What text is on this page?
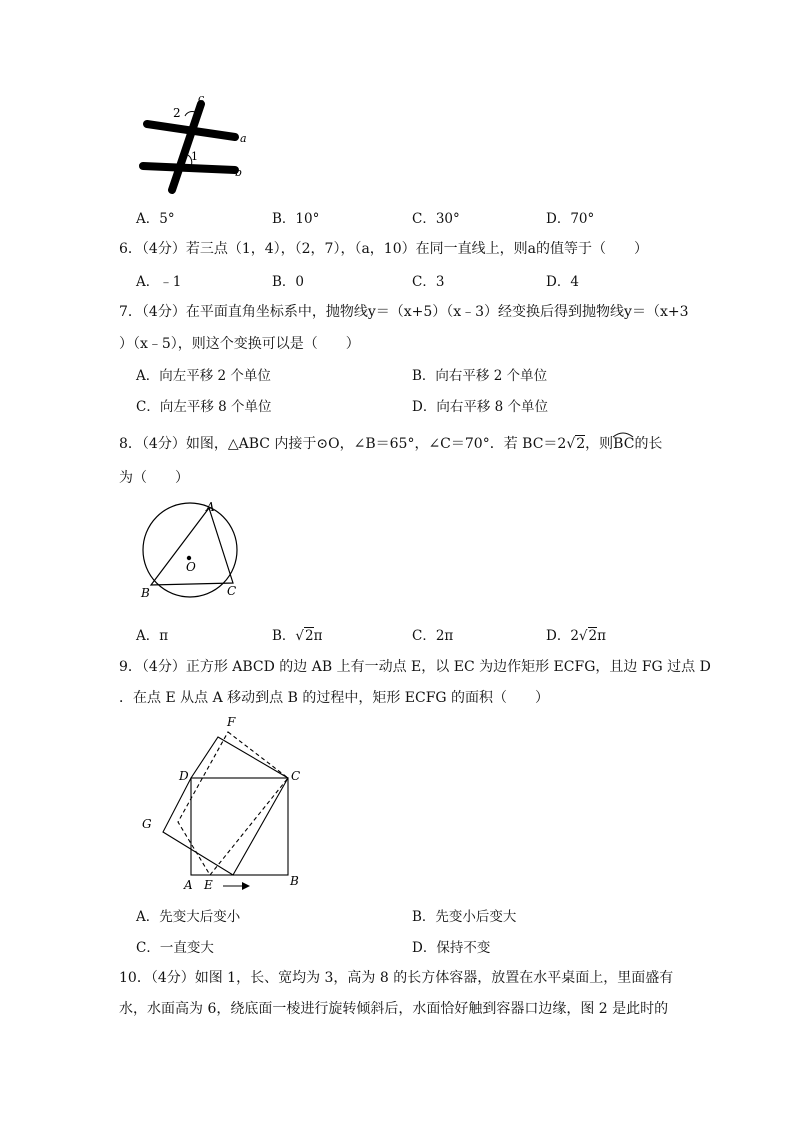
c
2
a
1
b
A．5°	B．10°	C．30°	D．70°
6．（4分）若三点（1，4），（2，7），（a，10）在同一直线上，则a的值等于（　　）
A．﹣1	B．0	C．3	D．4
7．（4分）在平面直角坐标系中，抛物线y＝（x+5）（x﹣3）经变换后得到抛物线y＝（x+3
）（x﹣5），则这个变换可以是（　　）
A．向左平移 2 个单位	B．向右平移 2 个单位
C．向左平移 8 个单位	D．向右平移 8 个单位
8．（4分）如图，△ABC 内接于⊙O，∠B＝65°，∠C＝70°．若 BC＝2√2，则
BC的长
为（　　）
A
O
B	C
A．π	B．√2π	C．2π	D．2√2π
9．（4分）正方形 ABCD 的边 AB 上有一动点 E，以 EC 为边作矩形 ECFG，且边 FG 过点 D
．在点 E 从点 A 移动到点 B 的过程中，矩形 ECFG 的面积（　　）
F
D	C
G
A E	B
A．先变大后变小	B．先变小后变大
C．一直变大	D．保持不变
10．（4分）如图 1，长、宽均为 3，高为 8 的长方体容器，放置在水平桌面上，里面盛有
水，水面高为 6，绕底面一棱进行旋转倾斜后，水面恰好触到容器口边缘，图 2 是此时的
